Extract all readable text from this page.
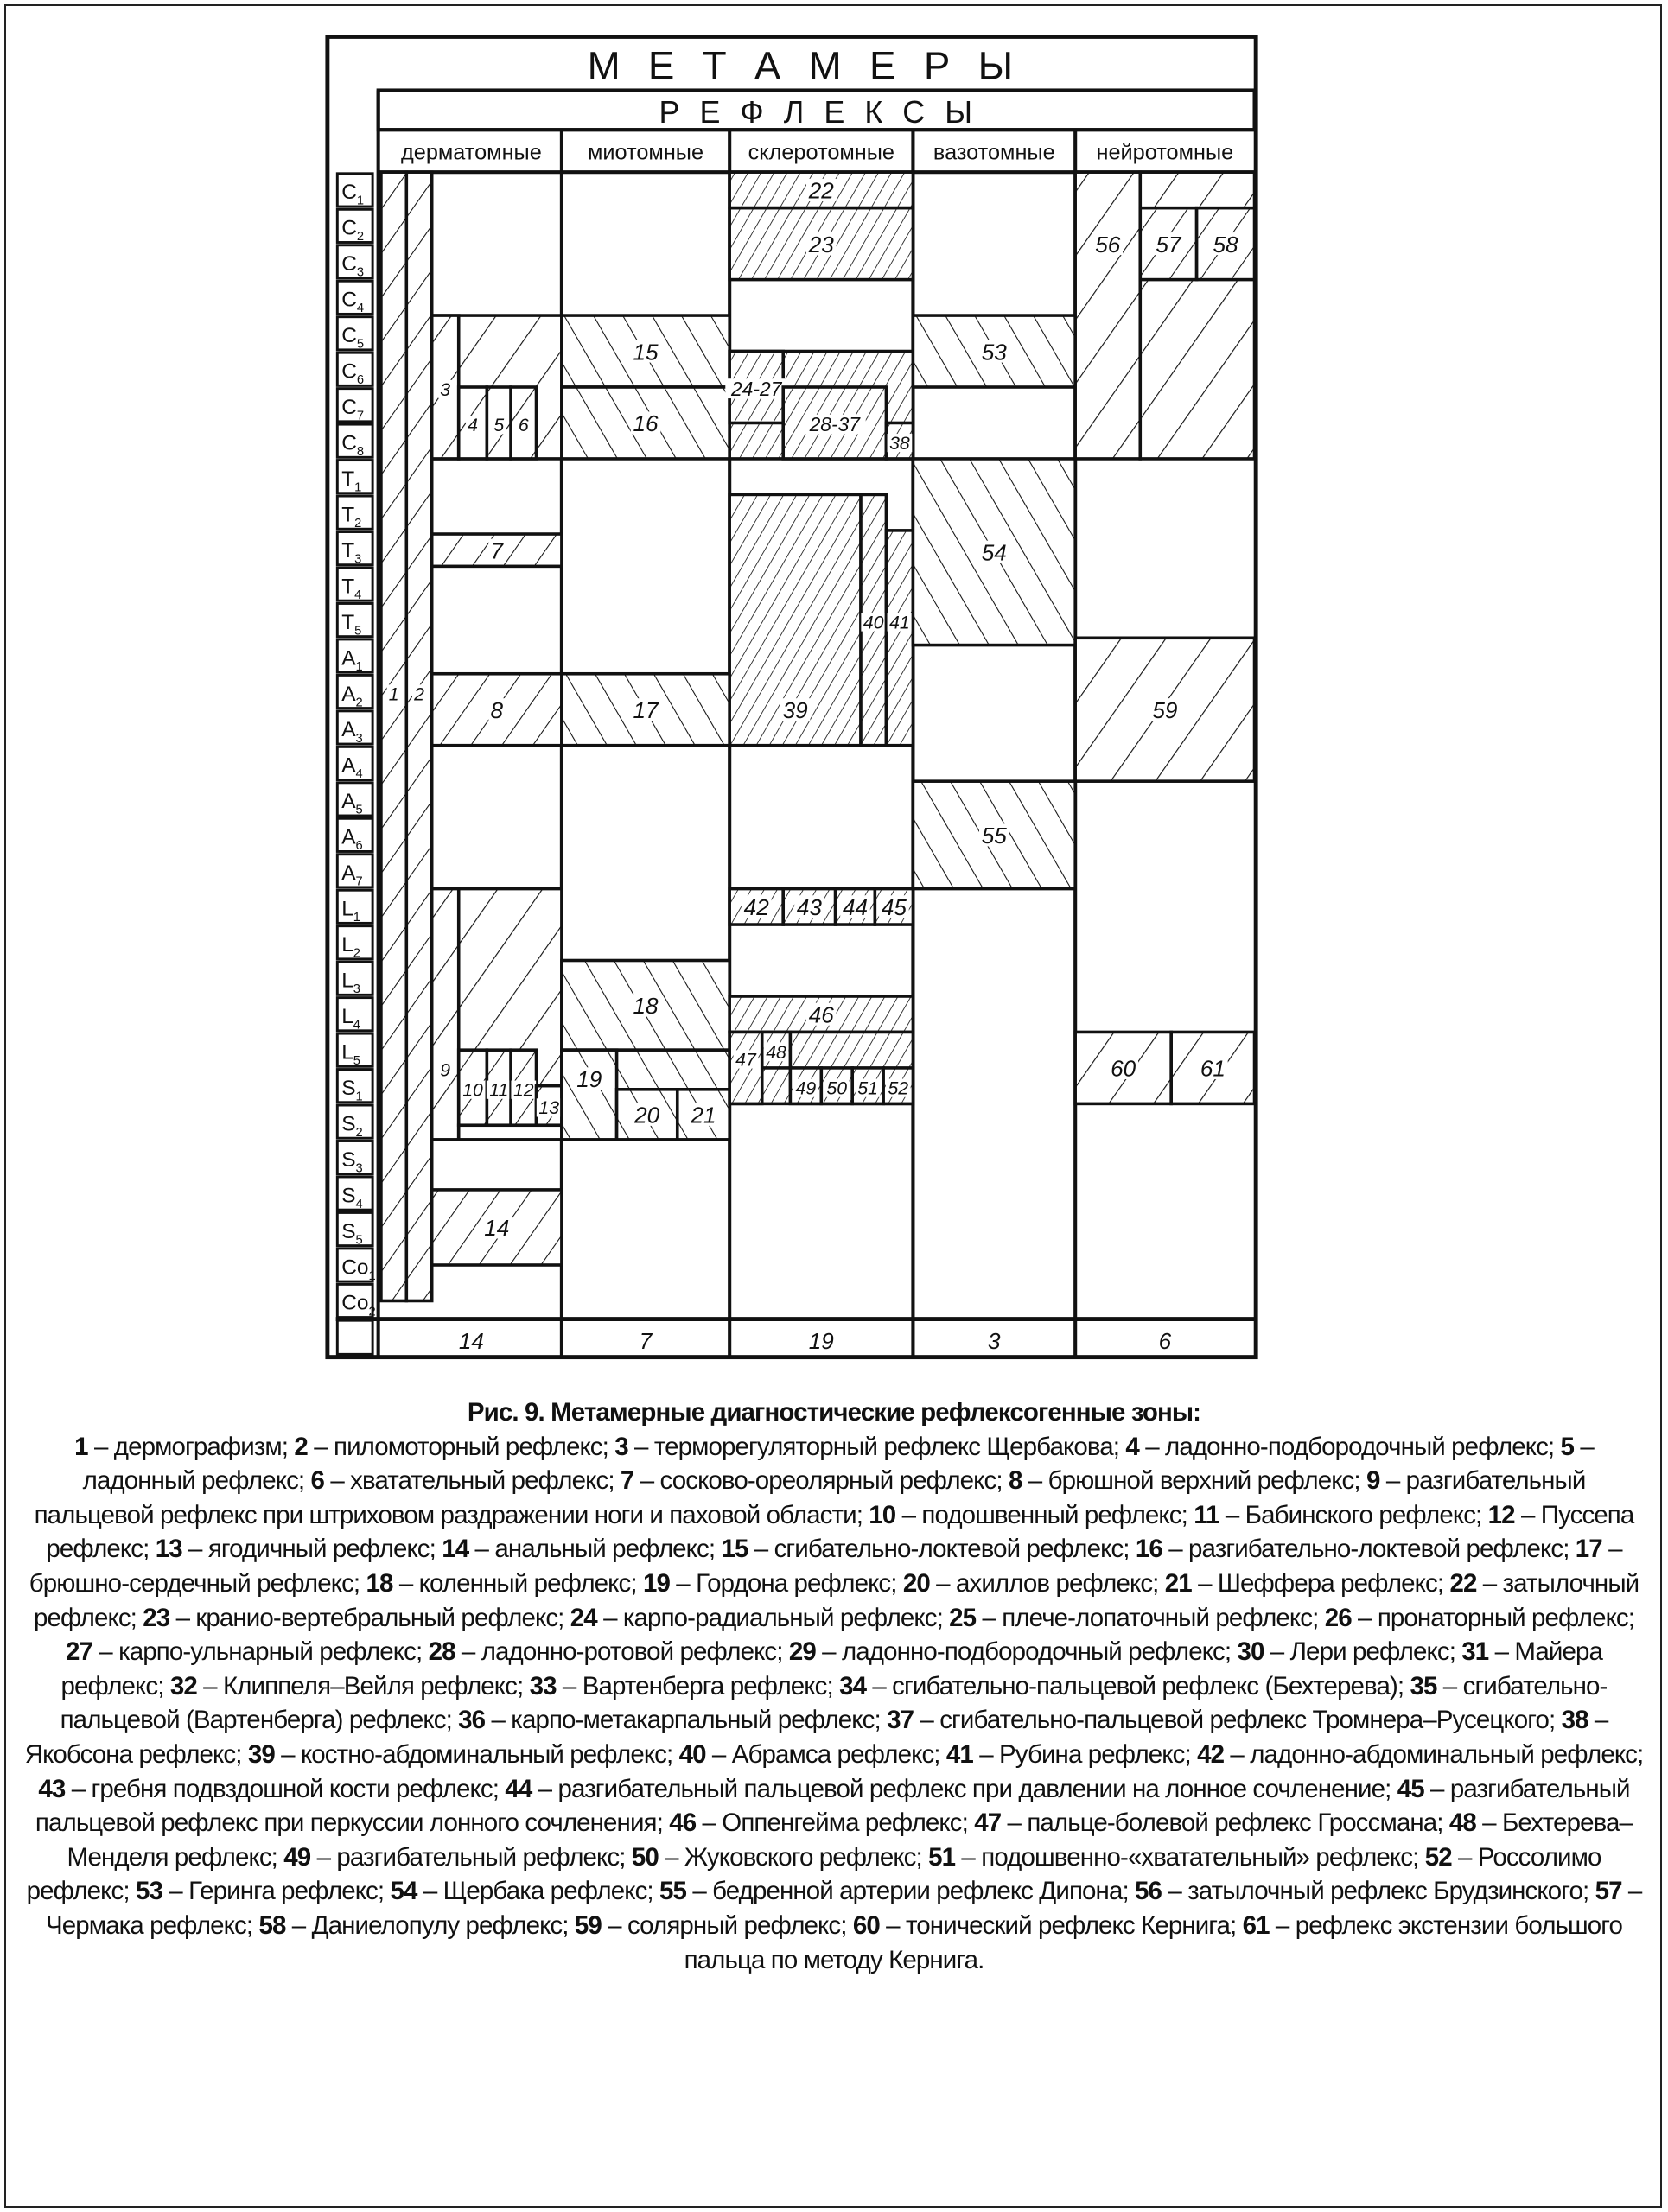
М Е Т А М Е Р Ы
Р Е Ф Л Е К С Ы
дерматомные
14
миотомные
7
склеротомные
19
вазотомные
3
нейротомные
6
$C_1$
$C_2$
$C_3$
$C_4$
$C_5$
$C_6$
$C_7$
$C_8$
$T_1$
$T_2$
$T_3$
$T_4$
$T_5$
$A_1$
$A_2$
$A_3$
$A_4$
$A_5$
$A_6$
$A_7$
$L_1$
$L_2$
$L_3$
$L_4$
$L_5$
$S_1$
$S_2$
$S_3$
$S_4$
$S_5$
$Co_1$
$Co_2$
1 2
3
4 5 6
7
8
9
10 11 12
13
14
15
16
17
18
19
20 21
22
23
24-27
28-37
38
39
40 41
42 43 44 45
46
47 48
49 50 51 52
53
54
55
56	57 58
59
60	61
Рис. 9. Метамерные диагностические рефлексогенные зоны:
1 – дермографизм; 2 – пиломоторный рефлекс; 3 – терморегуляторный рефлекс Щербакова; 4 – ладонно-подбородочный рефлекс; 5 – ладонный рефлекс; 6 – хватательный рефлекс; 7 – сосково-ореолярный рефлекс; 8 – брюшной верхний рефлекс; 9 – разгибательный пальцевой рефлекс при штриховом раздражении ноги и паховой области; 10 – подошвенный рефлекс; 11 – Бабинского рефлекс; 12 – Пуссепа рефлекс; 13 – ягодичный рефлекс; 14 – анальный рефлекс; 15 – сгибательно-локтевой рефлекс; 16 – разгибательно-локтевой рефлекс; 17 – брюшно-сердечный рефлекс; 18 – коленный рефлекс; 19 – Гордона рефлекс; 20 – ахиллов рефлекс; 21 – Шеффера рефлекс; 22 – затылочный рефлекс; 23 – кранио-вертебральный рефлекс; 24 – карпо-радиальный рефлекс; 25 – плече-лопаточный рефлекс; 26 – пронаторный рефлекс; 27 – карпо-ульнарный рефлекс; 28 – ладонно-ротовой рефлекс; 29 – ладонно-подбородочный рефлекс; 30 – Лери рефлекс; 31 – Майера рефлекс; 32 – Клиппеля–Вейля рефлекс; 33 – Вартенберга рефлекс; 34 – сгибательно-пальцевой рефлекс (Бехтерева); 35 – сгибательно-пальцевой (Вартенберга) рефлекс; 36 – карпо-метакарпальный рефлекс; 37 – сгибательно-пальцевой рефлекс Тромнера–Русецкого; 38 – Якобсона рефлекс; 39 – костно-абдоминальный рефлекс; 40 – Абрамса рефлекс; 41 – Рубина рефлекс; 42 – ладонно-абдоминальный рефлекс; 43 – гребня подвздошной кости рефлекс; 44 – разгибательный пальцевой рефлекс при давлении на лонное сочленение; 45 – разгибательный пальцевой рефлекс при перкуссии лонного сочленения; 46 – Оппенгейма рефлекс; 47 – пальце-болевой рефлекс Гроссмана; 48 – Бехтерева–Менделя рефлекс; 49 – разгибательный рефлекс; 50 – Жуковского рефлекс; 51 – подошвенно-«хватательный» рефлекс; 52 – Россолимо рефлекс; 53 – Геринга рефлекс; 54 – Щербака рефлекс; 55 – бедренной артерии рефлекс Дипона; 56 – затылочный рефлекс Брудзинского; 57 – Чермака рефлекс; 58 – Даниелопулу рефлекс; 59 – солярный рефлекс; 60 – тонический рефлекс Кернига; 61 – рефлекс экстензии большого пальца по методу Кернига.
